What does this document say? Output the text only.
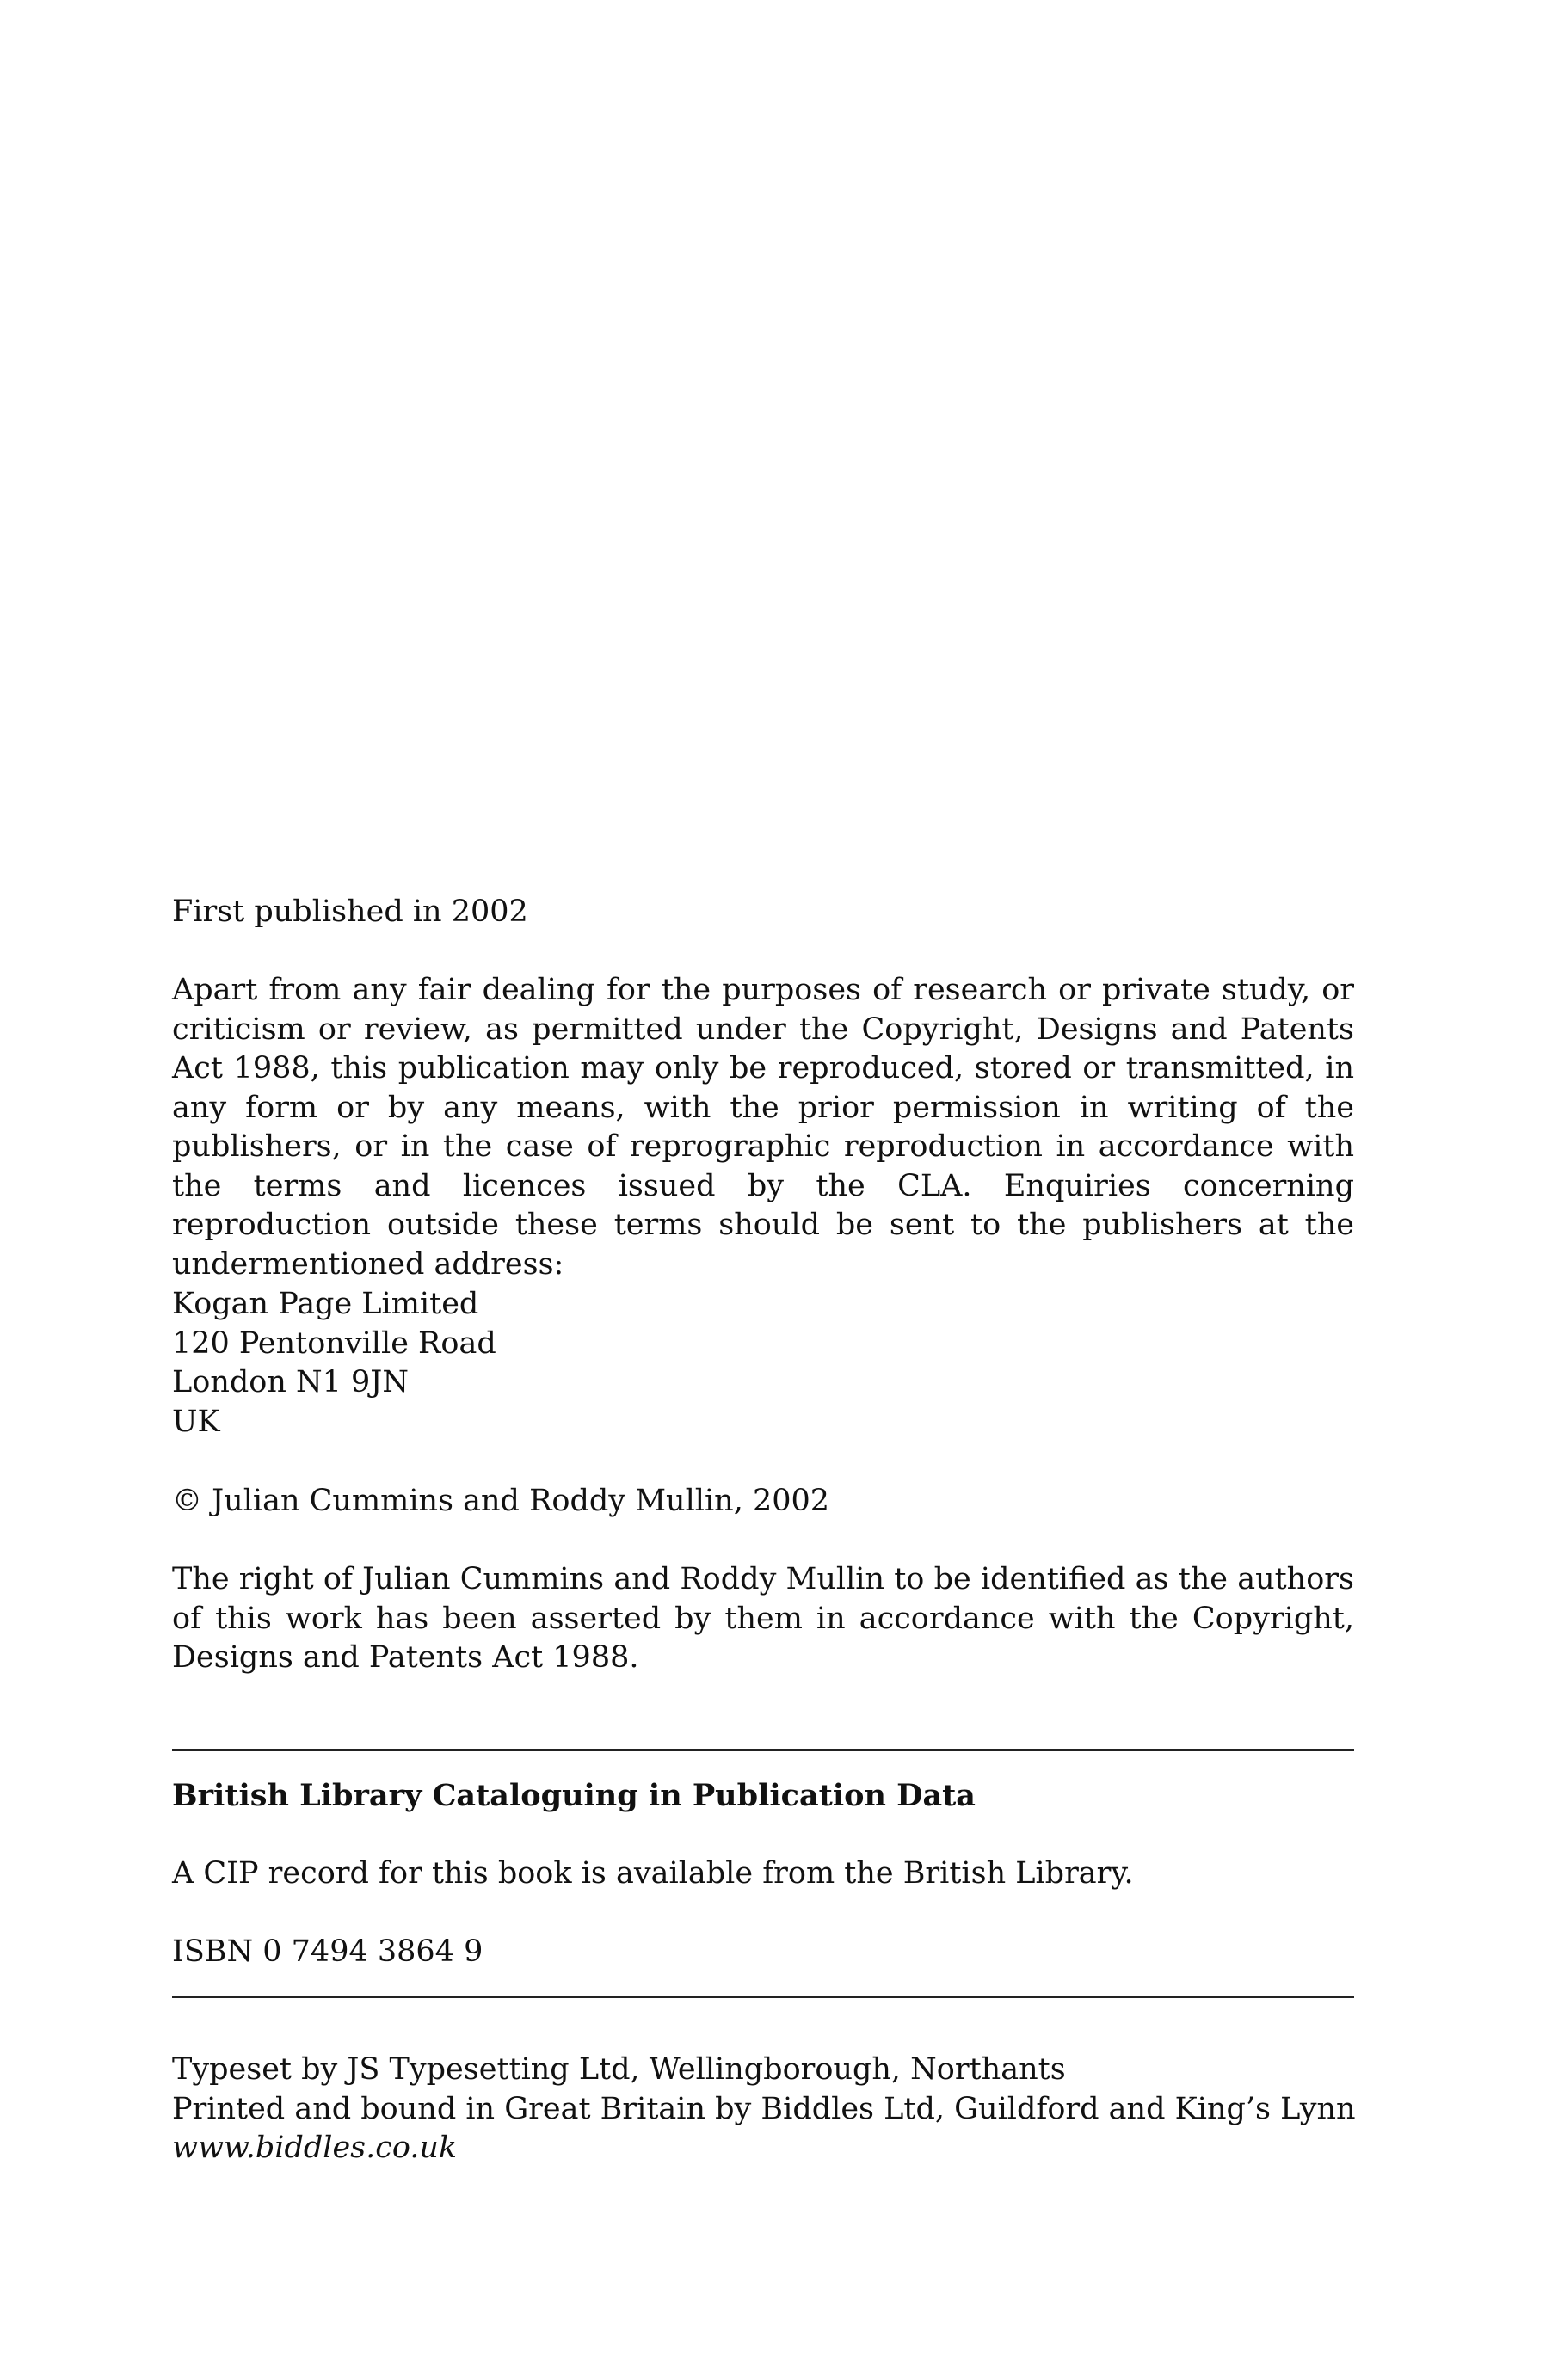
First published in 2002

Apart from any fair dealing for the purposes of research or private study, or criticism or review, as permitted under the Copyright, Designs and Patents Act 1988, this publication may only be reproduced, stored or transmitted, in any form or by any means, with the prior permission in writing of the publishers, or in the case of reprographic reproduction in accordance with the terms and licences issued by the CLA. Enquiries concerning reproduction outside these terms should be sent to the publishers at the undermentioned address:

Kogan Page Limited
120 Pentonville Road
London N1 9JN
UK

© Julian Cummins and Roddy Mullin, 2002

The right of Julian Cummins and Roddy Mullin to be identified as the authors of this work has been asserted by them in accordance with the Copyright, Designs and Patents Act 1988.

British Library Cataloguing in Publication Data

A CIP record for this book is available from the British Library.

ISBN 0 7494 3864 9

Typeset by JS Typesetting Ltd, Wellingborough, Northants
Printed and bound in Great Britain by Biddles Ltd, Guildford and King’s Lynn
www.biddles.co.uk
